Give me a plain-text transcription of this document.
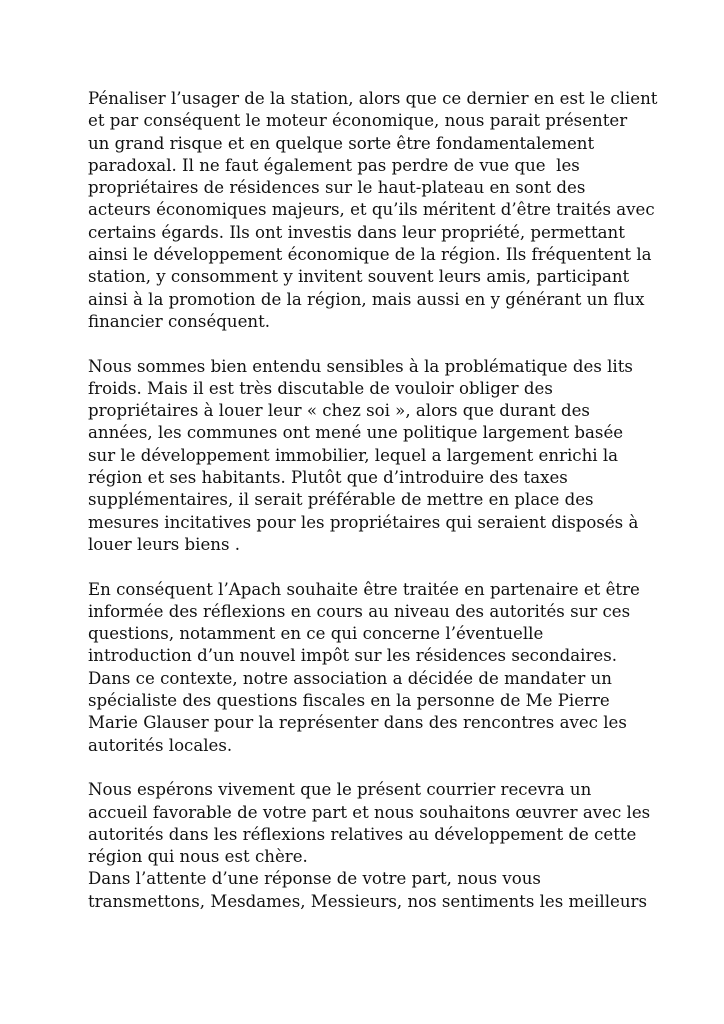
Pénaliser l’usager de la station, alors que ce dernier en est le client
et par conséquent le moteur économique, nous parait présenter
un grand risque et en quelque sorte être fondamentalement
paradoxal. Il ne faut également pas perdre de vue que  les
propriétaires de résidences sur le haut-plateau en sont des
acteurs économiques majeurs, et qu’ils méritent d’être traités avec
certains égards. Ils ont investis dans leur propriété, permettant
ainsi le développement économique de la région. Ils fréquentent la
station, y consomment y invitent souvent leurs amis, participant
ainsi à la promotion de la région, mais aussi en y générant un flux
financier conséquent.

Nous sommes bien entendu sensibles à la problématique des lits
froids. Mais il est très discutable de vouloir obliger des
propriétaires à louer leur « chez soi », alors que durant des
années, les communes ont mené une politique largement basée
sur le développement immobilier, lequel a largement enrichi la
région et ses habitants. Plutôt que d’introduire des taxes
supplémentaires, il serait préférable de mettre en place des
mesures incitatives pour les propriétaires qui seraient disposés à
louer leurs biens .

En conséquent l’Apach souhaite être traitée en partenaire et être
informée des réflexions en cours au niveau des autorités sur ces
questions, notamment en ce qui concerne l’éventuelle
introduction d’un nouvel impôt sur les résidences secondaires.
Dans ce contexte, notre association a décidée de mandater un
spécialiste des questions fiscales en la personne de Me Pierre
Marie Glauser pour la représenter dans des rencontres avec les
autorités locales.

Nous espérons vivement que le présent courrier recevra un
accueil favorable de votre part et nous souhaitons œuvrer avec les
autorités dans les réflexions relatives au développement de cette
région qui nous est chère.
Dans l’attente d’une réponse de votre part, nous vous
transmettons, Mesdames, Messieurs, nos sentiments les meilleurs
